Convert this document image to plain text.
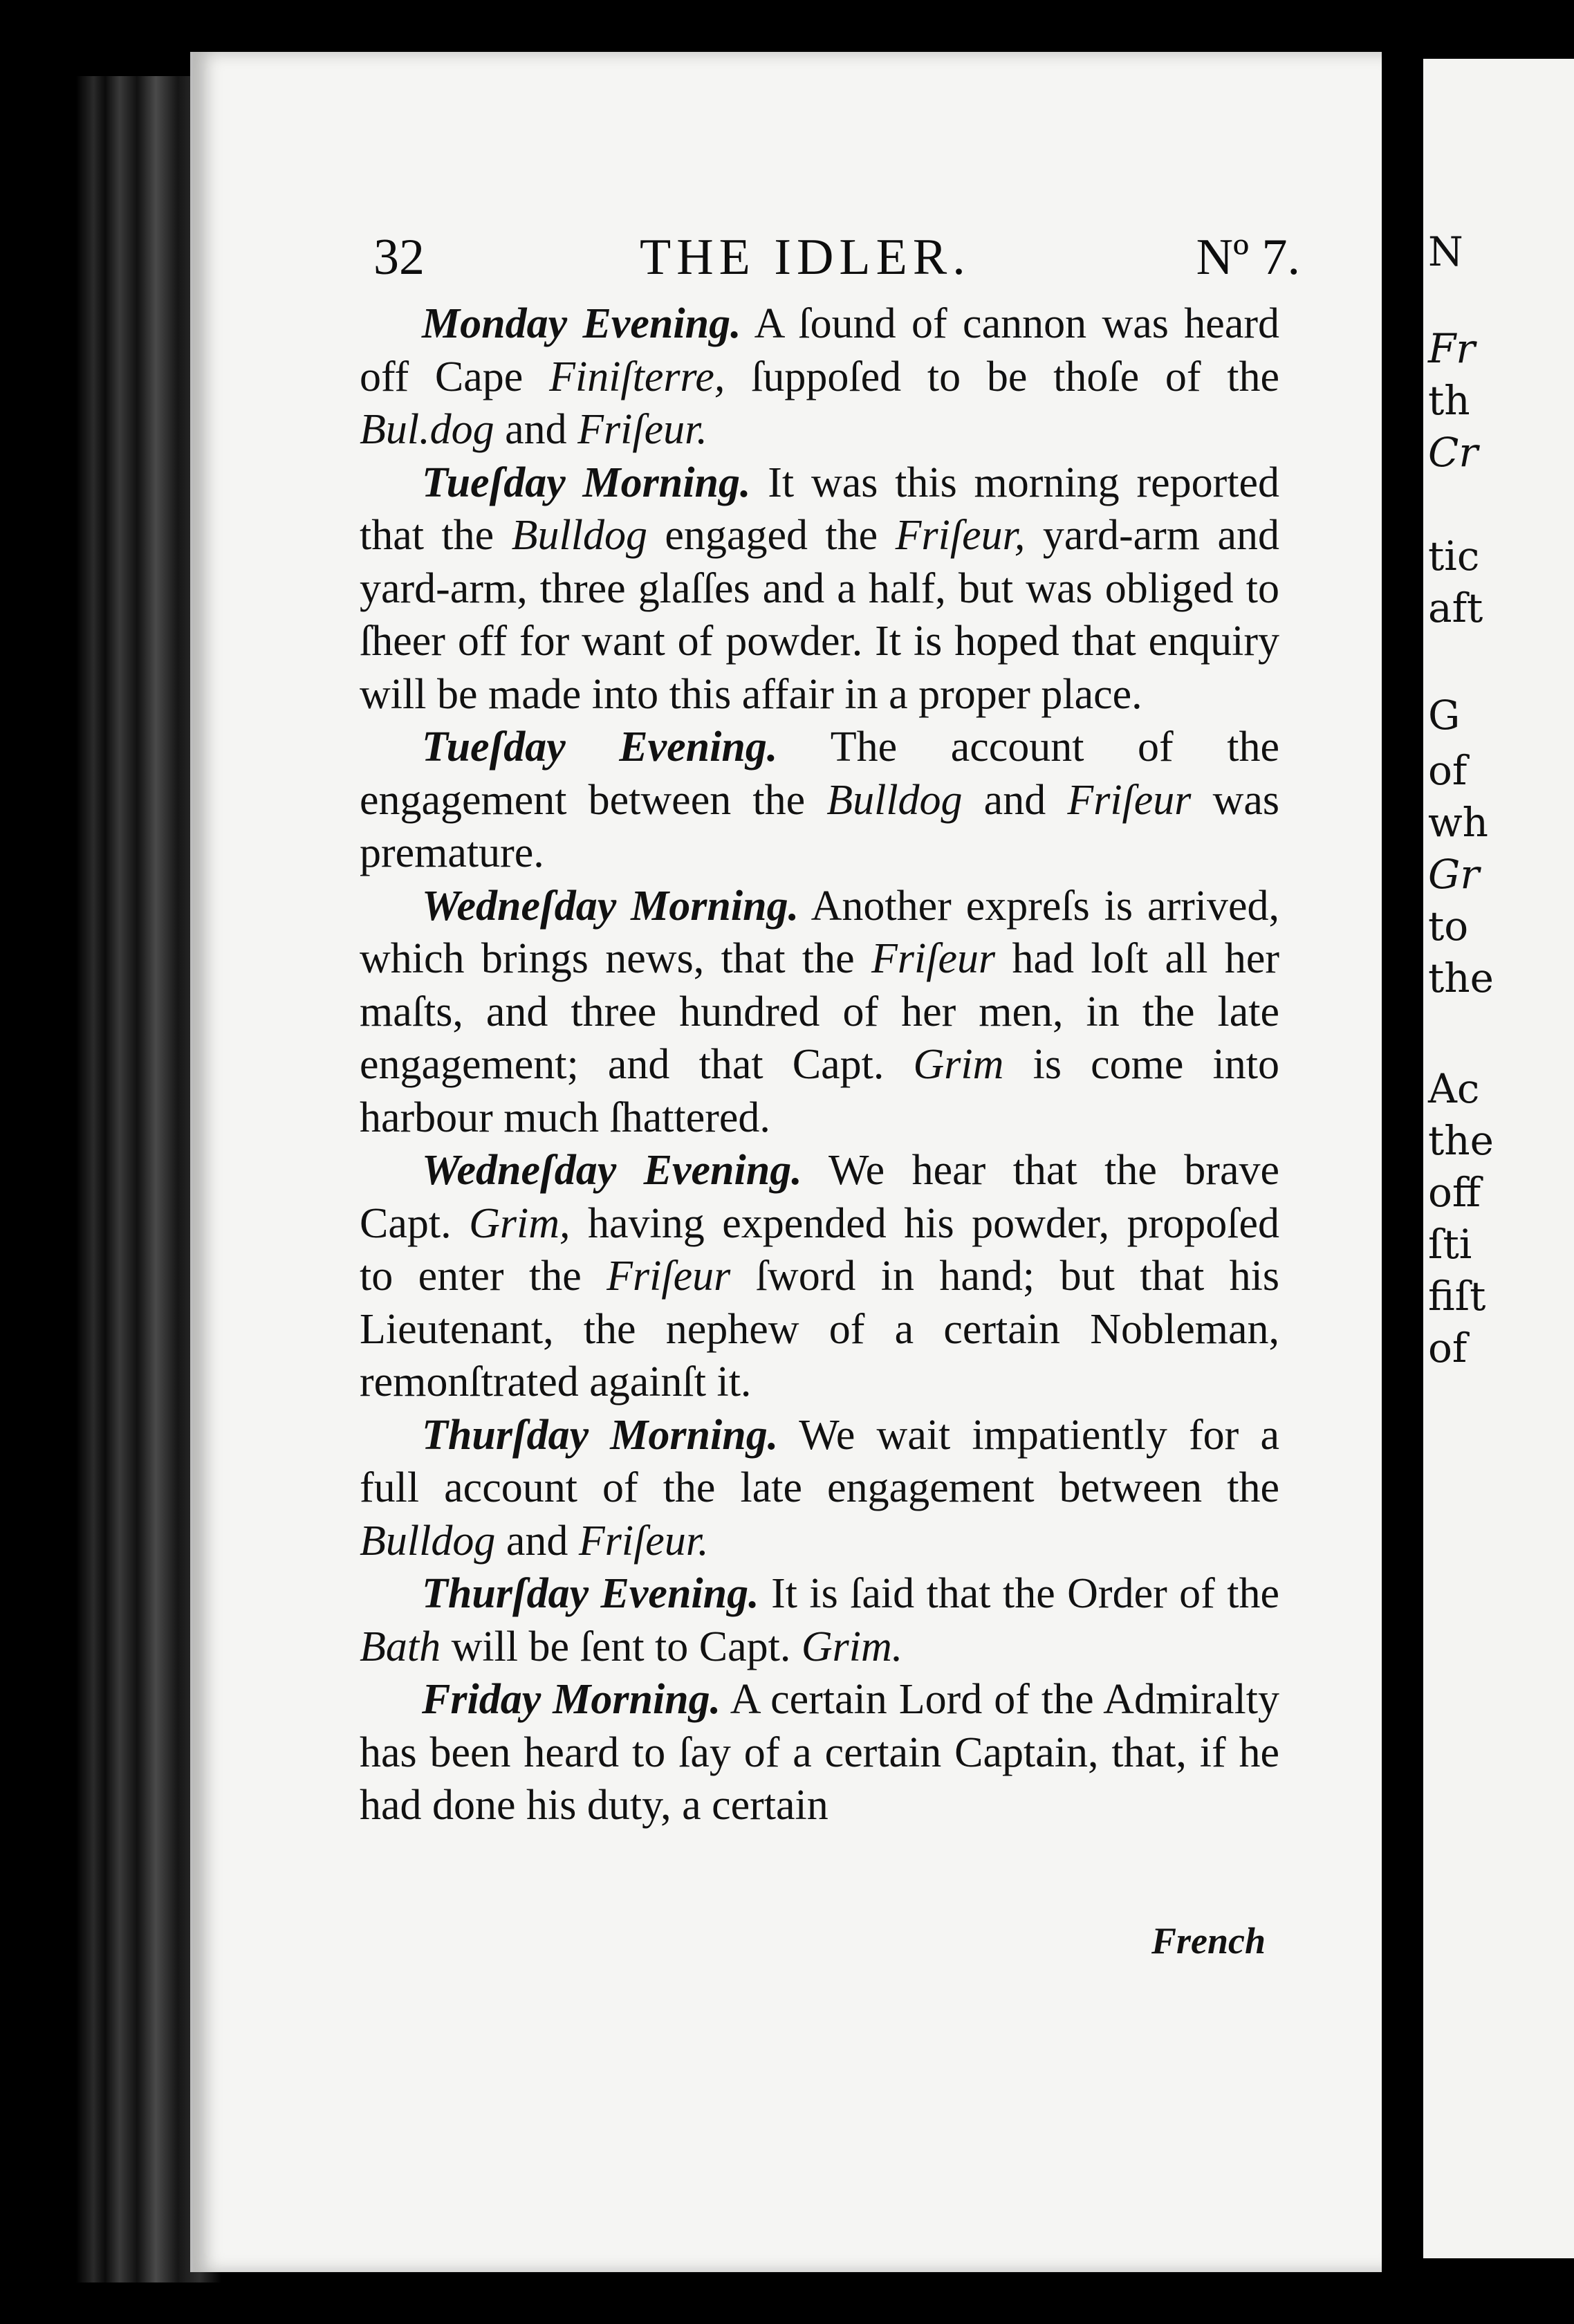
N
Fr
th
Cr
tic
aft
G
of
wh
Gr
to
the
Ac
the
off
ſti
fiſt
of
32	THE IDLER.	Nº 7.

Monday Evening. A ſound of cannon was heard off Cape Finiſterre, ſuppoſed to be thoſe of the Bul.dog and Friſeur.

Tueſday Morning. It was this morning reported that the Bulldog engaged the Friſeur, yard-arm and yard-arm, three glaſſes and a half, but was obliged to ſheer off for want of powder. It is hoped that enquiry will be made into this affair in a proper place.

Tueſday Evening. The account of the engagement between the Bulldog and Friſeur was premature.

Wedneſday Morning. Another expreſs is arrived, which brings news, that the Friſeur had loſt all her maſts, and three hundred of her men, in the late engagement; and that Capt. Grim is come into harbour much ſhattered.

Wedneſday Evening. We hear that the brave Capt. Grim, having expended his powder, propoſed to enter the Friſeur ſword in hand; but that his Lieutenant, the nephew of a certain Nobleman, remonſtrated againſt it.

Thurſday Morning. We wait impatiently for a full account of the late engagement between the Bulldog and Friſeur.

Thurſday Evening. It is ſaid that the Order of the Bath will be ſent to Capt. Grim.

Friday Morning. A certain Lord of the Admiralty has been heard to ſay of a certain Captain, that, if he had done his duty, a certain

French
